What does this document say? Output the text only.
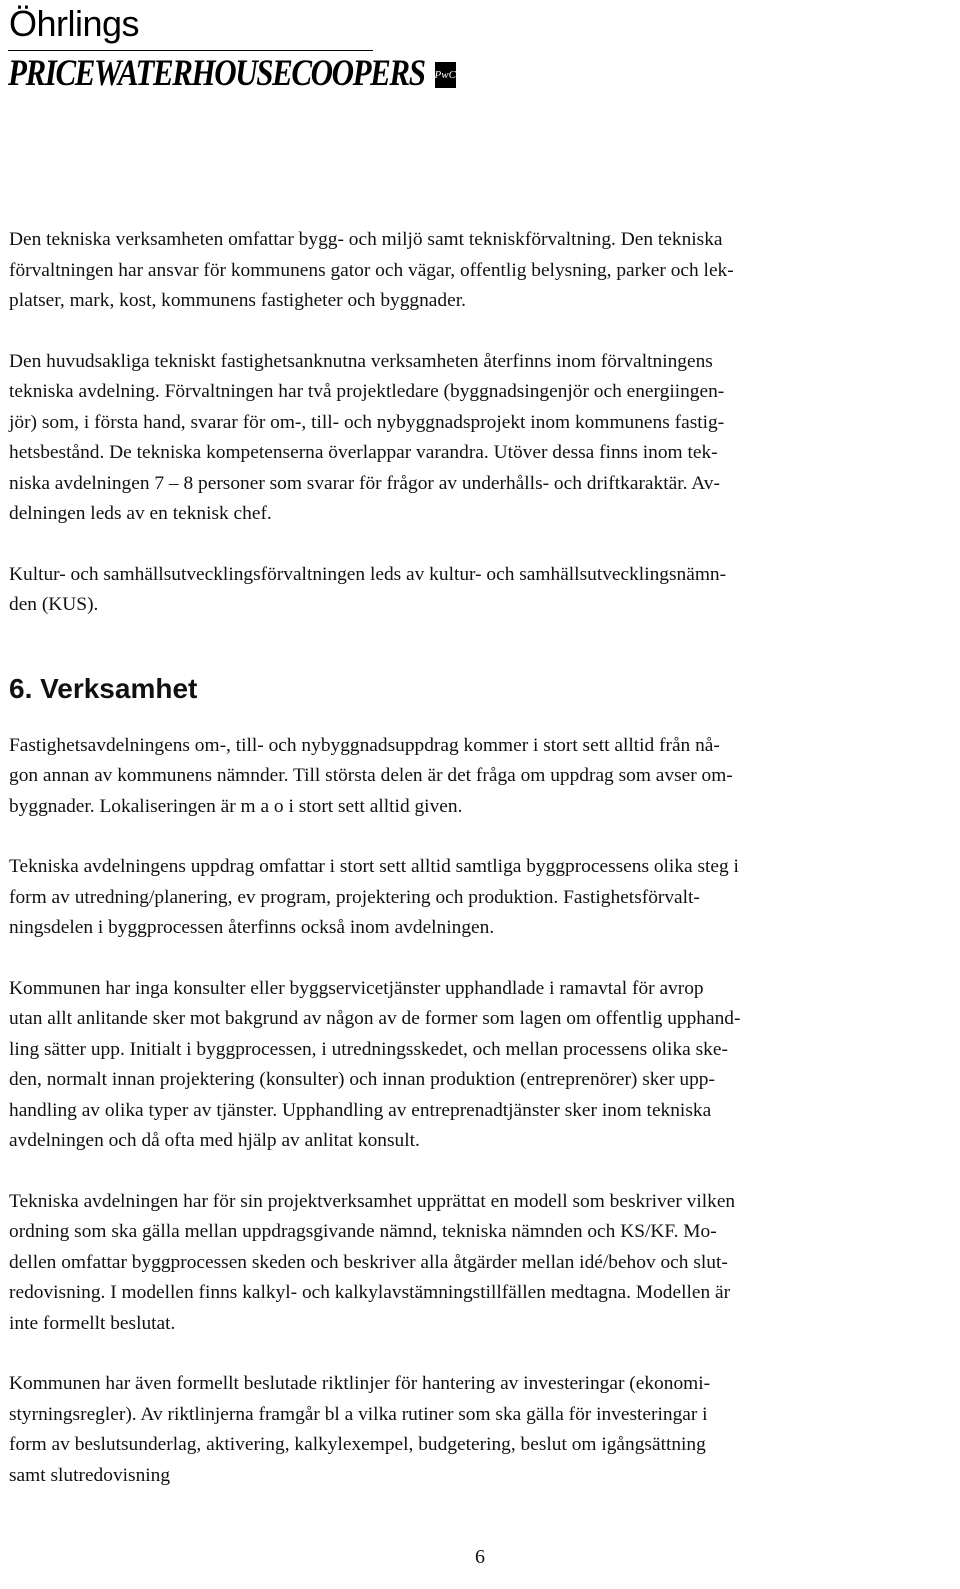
Öhrlings
PRICEWATERHOUSECOOPERS PwC

Den tekniska verksamheten omfattar bygg- och miljö samt tekniskförvaltning. Den tekniska
förvaltningen har ansvar för kommunens gator och vägar, offentlig belysning, parker och lek-
platser, mark, kost, kommunens fastigheter och byggnader.

Den huvudsakliga tekniskt fastighetsanknutna verksamheten återfinns inom förvaltningens
tekniska avdelning. Förvaltningen har två projektledare (byggnadsingenjör och energiingen-
jör) som, i första hand, svarar för om-, till- och nybyggnadsprojekt inom kommunens fastig-
hetsbestånd. De tekniska kompetenserna överlappar varandra. Utöver dessa finns inom tek-
niska avdelningen 7 – 8 personer som svarar för frågor av underhålls- och driftkaraktär. Av-
delningen leds av en teknisk chef.

Kultur- och samhällsutvecklingsförvaltningen leds av kultur- och samhällsutvecklingsnämn-
den (KUS).

6. Verksamhet

Fastighetsavdelningens om-, till- och nybyggnadsuppdrag kommer i stort sett alltid från nå-
gon annan av kommunens nämnder. Till största delen är det fråga om uppdrag som avser om-
byggnader. Lokaliseringen är m a o i stort sett alltid given.

Tekniska avdelningens uppdrag omfattar i stort sett alltid samtliga byggprocessens olika steg i
form av utredning/planering, ev program, projektering och produktion. Fastighetsförvalt-
ningsdelen i byggprocessen återfinns också inom avdelningen.

Kommunen har inga konsulter eller byggservicetjänster upphandlade i ramavtal för avrop
utan allt anlitande sker mot bakgrund av någon av de former som lagen om offentlig upphand-
ling sätter upp. Initialt i byggprocessen, i utredningsskedet, och mellan processens olika ske-
den, normalt innan projektering (konsulter) och innan produktion (entreprenörer) sker upp-
handling av olika typer av tjänster. Upphandling av entreprenadtjänster sker inom tekniska
avdelningen och då ofta med hjälp av anlitat konsult.

Tekniska avdelningen har för sin projektverksamhet upprättat en modell som beskriver vilken
ordning som ska gälla mellan uppdragsgivande nämnd, tekniska nämnden och KS/KF. Mo-
dellen omfattar byggprocessen skeden och beskriver alla åtgärder mellan idé/behov och slut-
redovisning. I modellen finns kalkyl- och kalkylavstämningstillfällen medtagna. Modellen är
inte formellt beslutat.

Kommunen har även formellt beslutade riktlinjer för hantering av investeringar (ekonomi-
styrningsregler). Av riktlinjerna framgår bl a vilka rutiner som ska gälla för investeringar i
form av beslutsunderlag, aktivering, kalkylexempel, budgetering, beslut om igångsättning
samt slutredovisning

6
